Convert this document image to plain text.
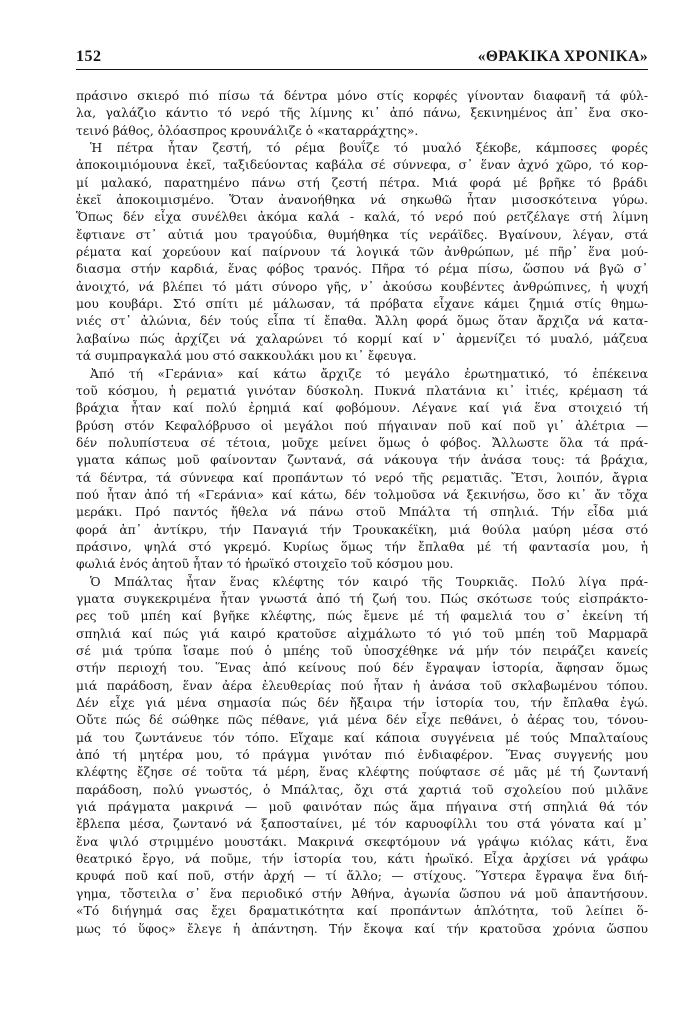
152	«ΘΡΑΚΙΚΑ ΧΡΟΝΙΚΑ»
πράσινο σκιερό πιό πίσω τά δέντρα μόνο στίς κορφές γίνονταν διαφανῆ τά φύλ-
λα, γαλάζιο κάντιο τό νερό τῆς λίμνης κι᾽ ἀπό πάνω, ξεκινημένος ἀπ᾽ ἔνα σκο-
τεινό βάθος, ὁλόασπρος κρουνάλιζε ὁ «καταρράχτης».
Ἡ πέτρα ἦταν ζεστή, τό ρέμα βουΐζε τό μυαλό ξέκοβε, κάμποσες φορές
ἀποκοιμιόμουνα ἐκεῖ, ταξιδεύοντας καβάλα σέ σύννεφα, σ᾽ ἕναν ἀχνό χῶρο, τό κορ-
μί μαλακό, παρατημένο πάνω στή ζεστή πέτρα. Μιά φορά μέ βρῆκε τό βράδι
ἐκεῖ ἀποκοιμισμένο. Ὅταν ἀνανοήθηκα νά σηκωθῶ ἦταν μισοσκότεινα γύρω.
Ὅπως δέν εἶχα συνέλθει ἀκόμα καλά - καλά, τό νερό πού ρετζέλαγε στή λίμνη
ἔφτιανε στ᾽ αὐτιά μου τραγούδια, θυμήθηκα τίς νεράϊδες. Βγαίνουν, λέγαν, στά
ρέματα καί χορεύουν καί παίρνουν τά λογικά τῶν ἀνθρώπων, μέ πῆρ᾽ ἕνα μού-
διασμα στήν καρδιά, ἕνας φόβος τρανός. Πῆρα τό ρέμα πίσω, ὥσπου νά βγῶ σ᾽
ἀνοιχτό, νά βλέπει τό μάτι σύνορο γῆς, ν᾽ ἀκούσω κουβέντες ἀνθρώπινες, ἡ ψυχή
μου κουβάρι. Στό σπίτι μέ μάλωσαν, τά πρόβατα εἶχανε κάμει ζημιά στίς θημω-
νιές στ᾽ ἀλώνια, δέν τούς εἶπα τί ἔπαθα. Ἄλλη φορά ὅμως ὅταν ἄρχιζα νά κατα-
λαβαίνω πώς ἀρχίζει νά χαλαρώνει τό κορμί καί ν᾽ ἀρμενίζει τό μυαλό, μάζευα
τά συμπραγκαλά μου στό σακκουλάκι μου κι᾽ ἔφευγα.
Ἀπό τή «Γεράνια» καί κάτω ἄρχιζε τό μεγάλο ἐρωτηματικό, τό ἐπέκεινα
τοῦ κόσμου, ἡ ρεματιά γινόταν δύσκολη. Πυκνά πλατάνια κι᾽ ἰτιές, κρέμαση τά
βράχια ἦταν καί πολύ ἐρημιά καί φοβόμουν. Λέγανε καί γιά ἕνα στοιχειό τή
βρύση στόν Κεφαλόβρυσο οἱ μεγάλοι πού πήγαιναν ποῦ καί ποῦ γι᾽ ἀλέτρια —
δέν πολυπίστευα σέ τέτοια, μοῦχε μείνει ὅμως ὁ φόβος. Ἄλλωστε ὅλα τά πρά-
γματα κάπως μοῦ φαίνονταν ζωντανά, σά νάκουγα τήν ἀνάσα τους: τά βράχια,
τά δέντρα, τά σύννεφα καί προπάντων τό νερό τῆς ρεματιᾶς. Ἔτσι, λοιπόν, ἄγρια
πού ἦταν ἀπό τή «Γεράνια» καί κάτω, δέν τολμοῦσα νά ξεκινήσω, ὅσο κι᾽ ἄν τὄχα
μεράκι. Πρό παντός ἤθελα νά πάνω στοῦ Μπάλτα τή σπηλιά. Τήν εἶδα μιά
φορά ἀπ᾽ ἀντίκρυ, τήν Παναγιά τήν Τρουκακέϊκη, μιά θούλα μαύρη μέσα στό
πράσινο, ψηλά στό γκρεμό. Κυρίως ὅμως τήν ἔπλαθα μέ τή φαντασία μου, ἡ
φωλιά ἑνός ἀητοῦ ἦταν τό ἡρωϊκό στοιχεῖο τοῦ κόσμου μου.
Ὁ Μπάλτας ἦταν ἕνας κλέφτης τόν καιρό τῆς Τουρκιᾶς. Πολύ λίγα πρά-
γματα συγκεκριμένα ἦταν γνωστά ἀπό τή ζωή του. Πώς σκότωσε τούς εἰσπράκτο-
ρες τοῦ μπέη καί βγῆκε κλέφτης, πώς ἔμενε μέ τή φαμελιά του σ᾽ ἐκείνη τή
σπηλιά καί πώς γιά καιρό κρατοῦσε αἰχμάλωτο τό γιό τοῦ μπέη τοῦ Μαρμαρᾶ
σέ μιά τρύπα ἴσαμε πού ὁ μπέης τοῦ ὑποσχέθηκε νά μήν τόν πειράζει κανείς
στήν περιοχή του. Ἕνας ἀπό κείνους πού δέν ἔγραψαν ἱστορία, ἄφησαν ὅμως
μιά παράδοση, ἕναν ἀέρα ἐλευθερίας πού ἦταν ἡ ἀνάσα τοῦ σκλαβωμένου τόπου.
Δέν εἶχε γιά μένα σημασία πώς δέν ἤξαιρα τήν ἱστορία του, τήν ἔπλαθα ἐγώ.
Οὔτε πώς δέ σώθηκε πῶς πέθανε, γιά μένα δέν εἶχε πεθάνει, ὁ ἀέρας του, τόνου-
μά του ζωντάνευε τόν τόπο. Εἴχαμε καί κάποια συγγένεια μέ τούς Μπαλταίους
ἀπό τή μητέρα μου, τό πράγμα γινόταν πιό ἐνδιαφέρον. Ἕνας συγγενής μου
κλέφτης ἔζησε σέ τοῦτα τά μέρη, ἕνας κλέφτης πούφτασε σέ μᾶς μέ τή ζωντανή
παράδοση, πολύ γνωστός, ὁ Μπάλτας, ὄχι στά χαρτιά τοῦ σχολείου πού μιλᾶνε
γιά πράγματα μακρινά — μοῦ φαινόταν πώς ἅμα πήγαινα στή σπηλιά θά τόν
ἔβλεπα μέσα, ζωντανό νά ξαποσταίνει, μέ τόν καρυοφίλλι του στά γόνατα καί μ᾽
ἕνα ψιλό στριμμένο μουστάκι. Μακρινά σκεφτόμουν νά γράψω κιόλας κάτι, ἕνα
θεατρικό ἔργο, νά ποῦμε, τήν ἱστορία του, κάτι ἡρωϊκό. Εἶχα ἀρχίσει νά γράφω
κρυφά ποῦ καί ποῦ, στήν ἀρχή — τί ἄλλο; — στίχους. Ὕστερα ἔγραψα ἕνα διή-
γημα, τὄστειλα σ᾽ ἕνα περιοδικό στήν Ἀθήνα, ἀγωνία ὥσπου νά μοῦ ἀπαντήσουν.
«Τό διήγημά σας ἔχει δραματικότητα καί προπάντων ἁπλότητα, τοῦ λείπει ὅ-
μως τό ὕφος» ἔλεγε ἡ ἀπάντηση. Τήν ἔκοψα καί τήν κρατοῦσα χρόνια ὥσπου
